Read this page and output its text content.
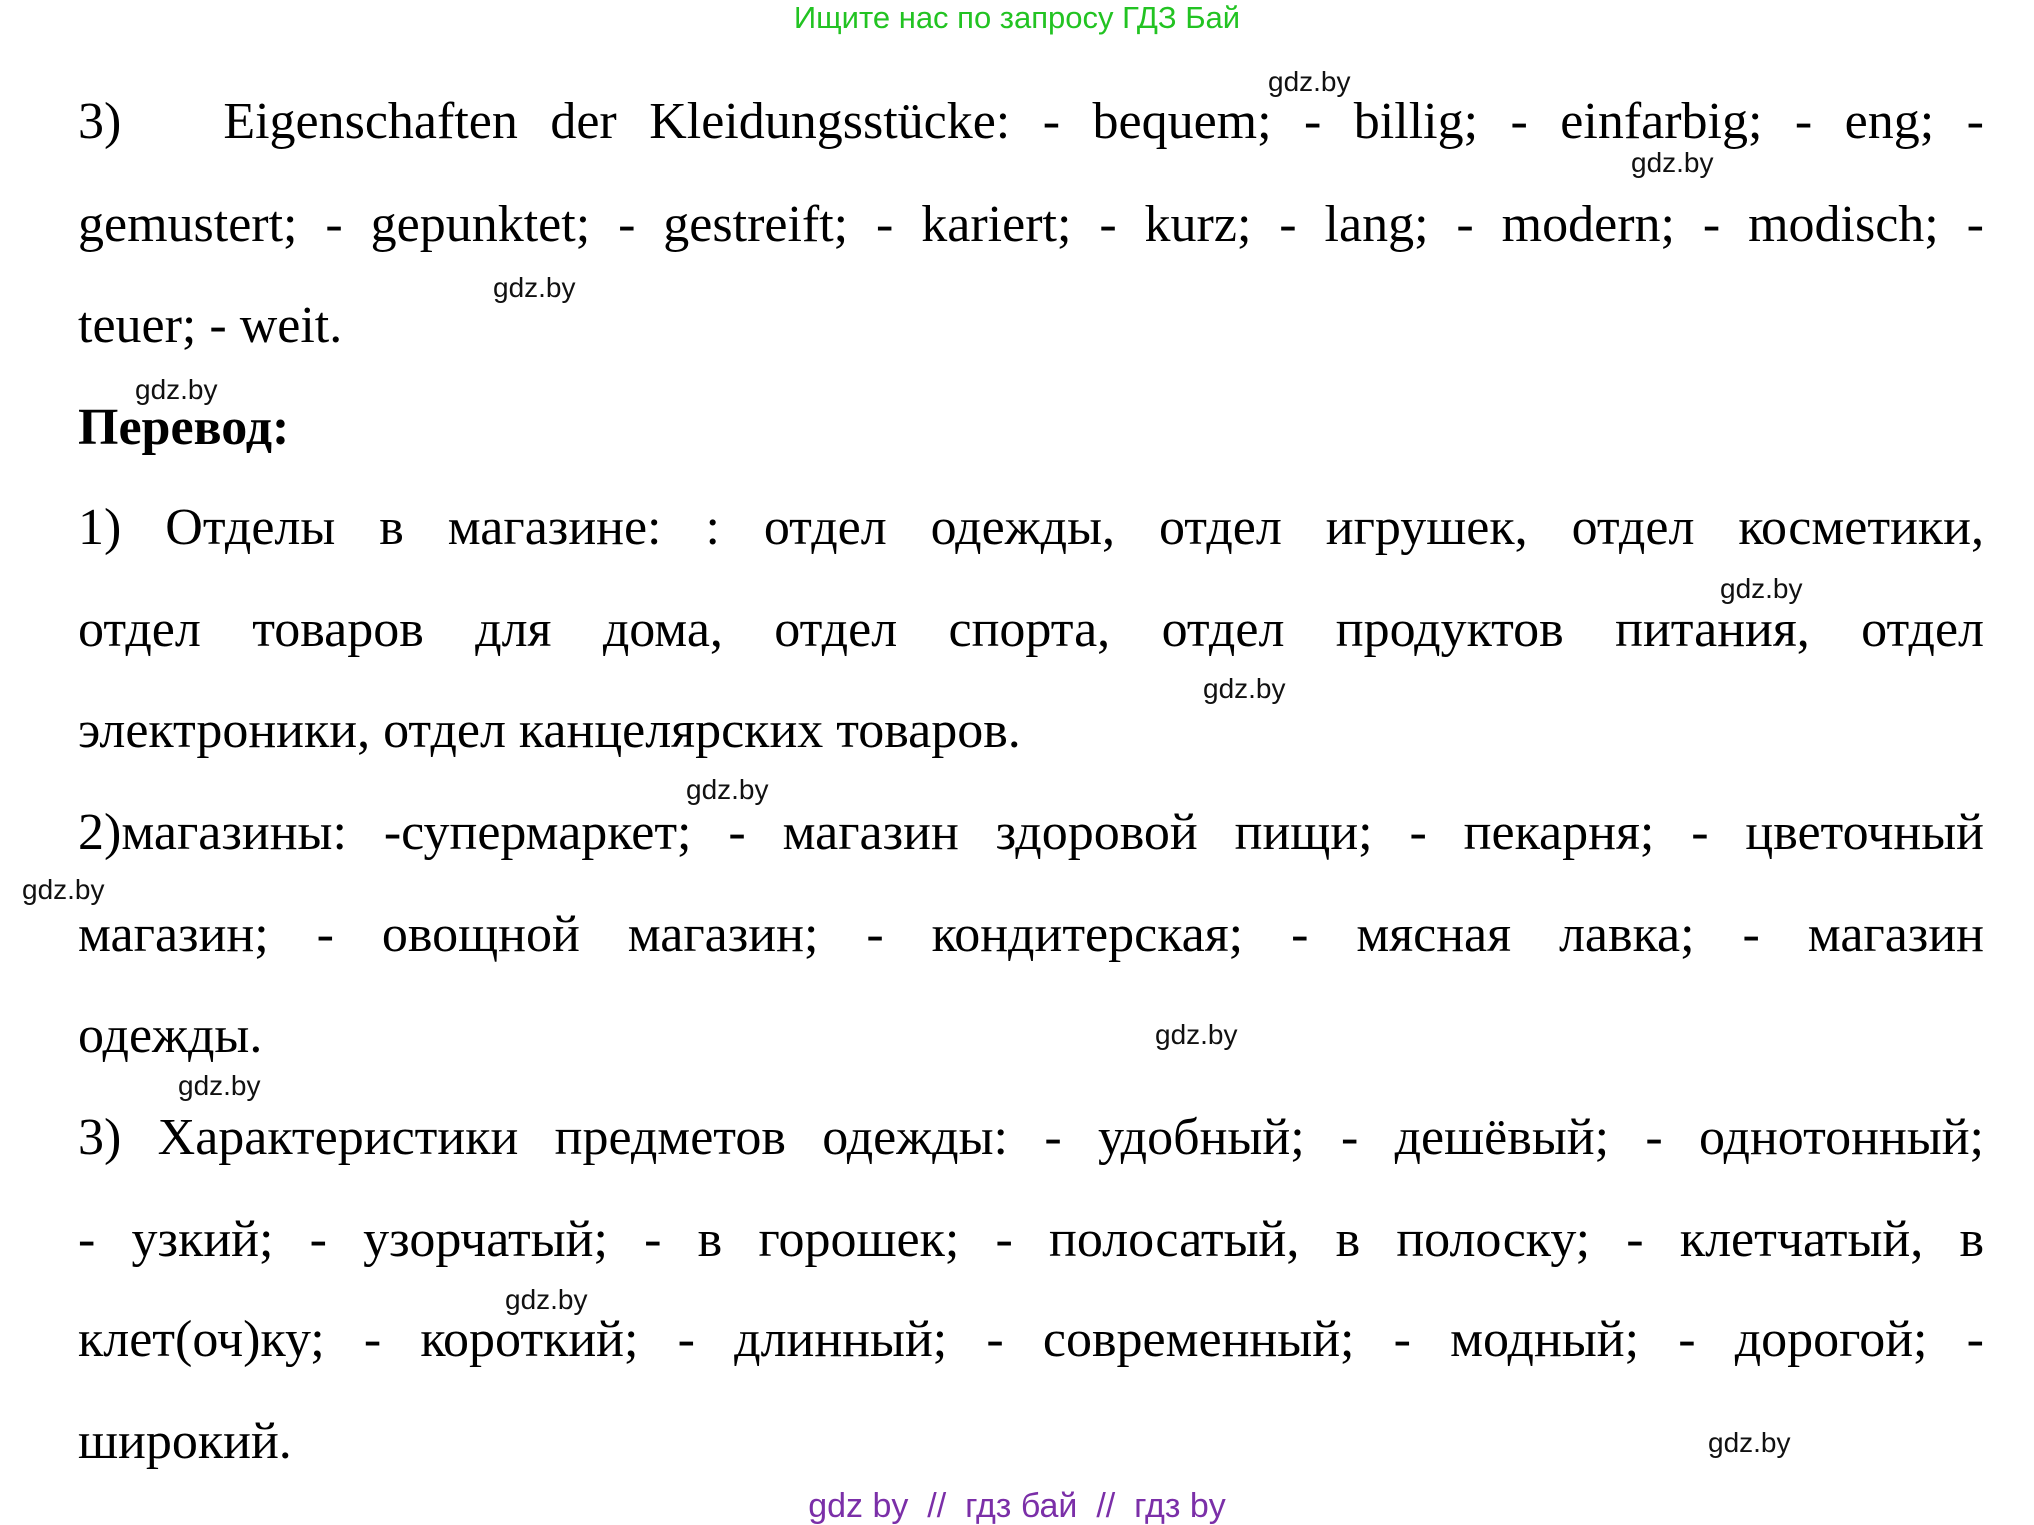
Ищите нас по запросу ГДЗ Бай
3) Eigenschaften der Kleidungsstücke: - bequem; - billig; - einfarbig; - eng; -
gemustert; - gepunktet; - gestreift; - kariert; - kurz; - lang; - modern; - modisch; -
teuer; - weit.
Перевод:
1) Отделы в магазине: : отдел одежды, отдел игрушек, отдел косметики,
отдел товаров для дома, отдел спорта, отдел продуктов питания, отдел
электроники, отдел канцелярских товаров.
2)магазины: -супермаркет; - магазин здоровой пищи; - пекарня; - цветочный
магазин; - овощной магазин; - кондитерская; - мясная лавка; - магазин
одежды.
3) Характеристики предметов одежды: - удобный; - дешёвый; - однотонный;
- узкий; - узорчатый; - в горошек; - полосатый, в полоску; - клетчатый, в
клет(оч)ку; - короткий; - длинный; - современный; - модный; - дорогой; -
широкий.
gdz.by
gdz.by
gdz.by
gdz.by
gdz.by
gdz.by
gdz.by
gdz.by
gdz.by
gdz.by
gdz.by
gdz.by
gdz by  //  гдз бай  //  гдз by
